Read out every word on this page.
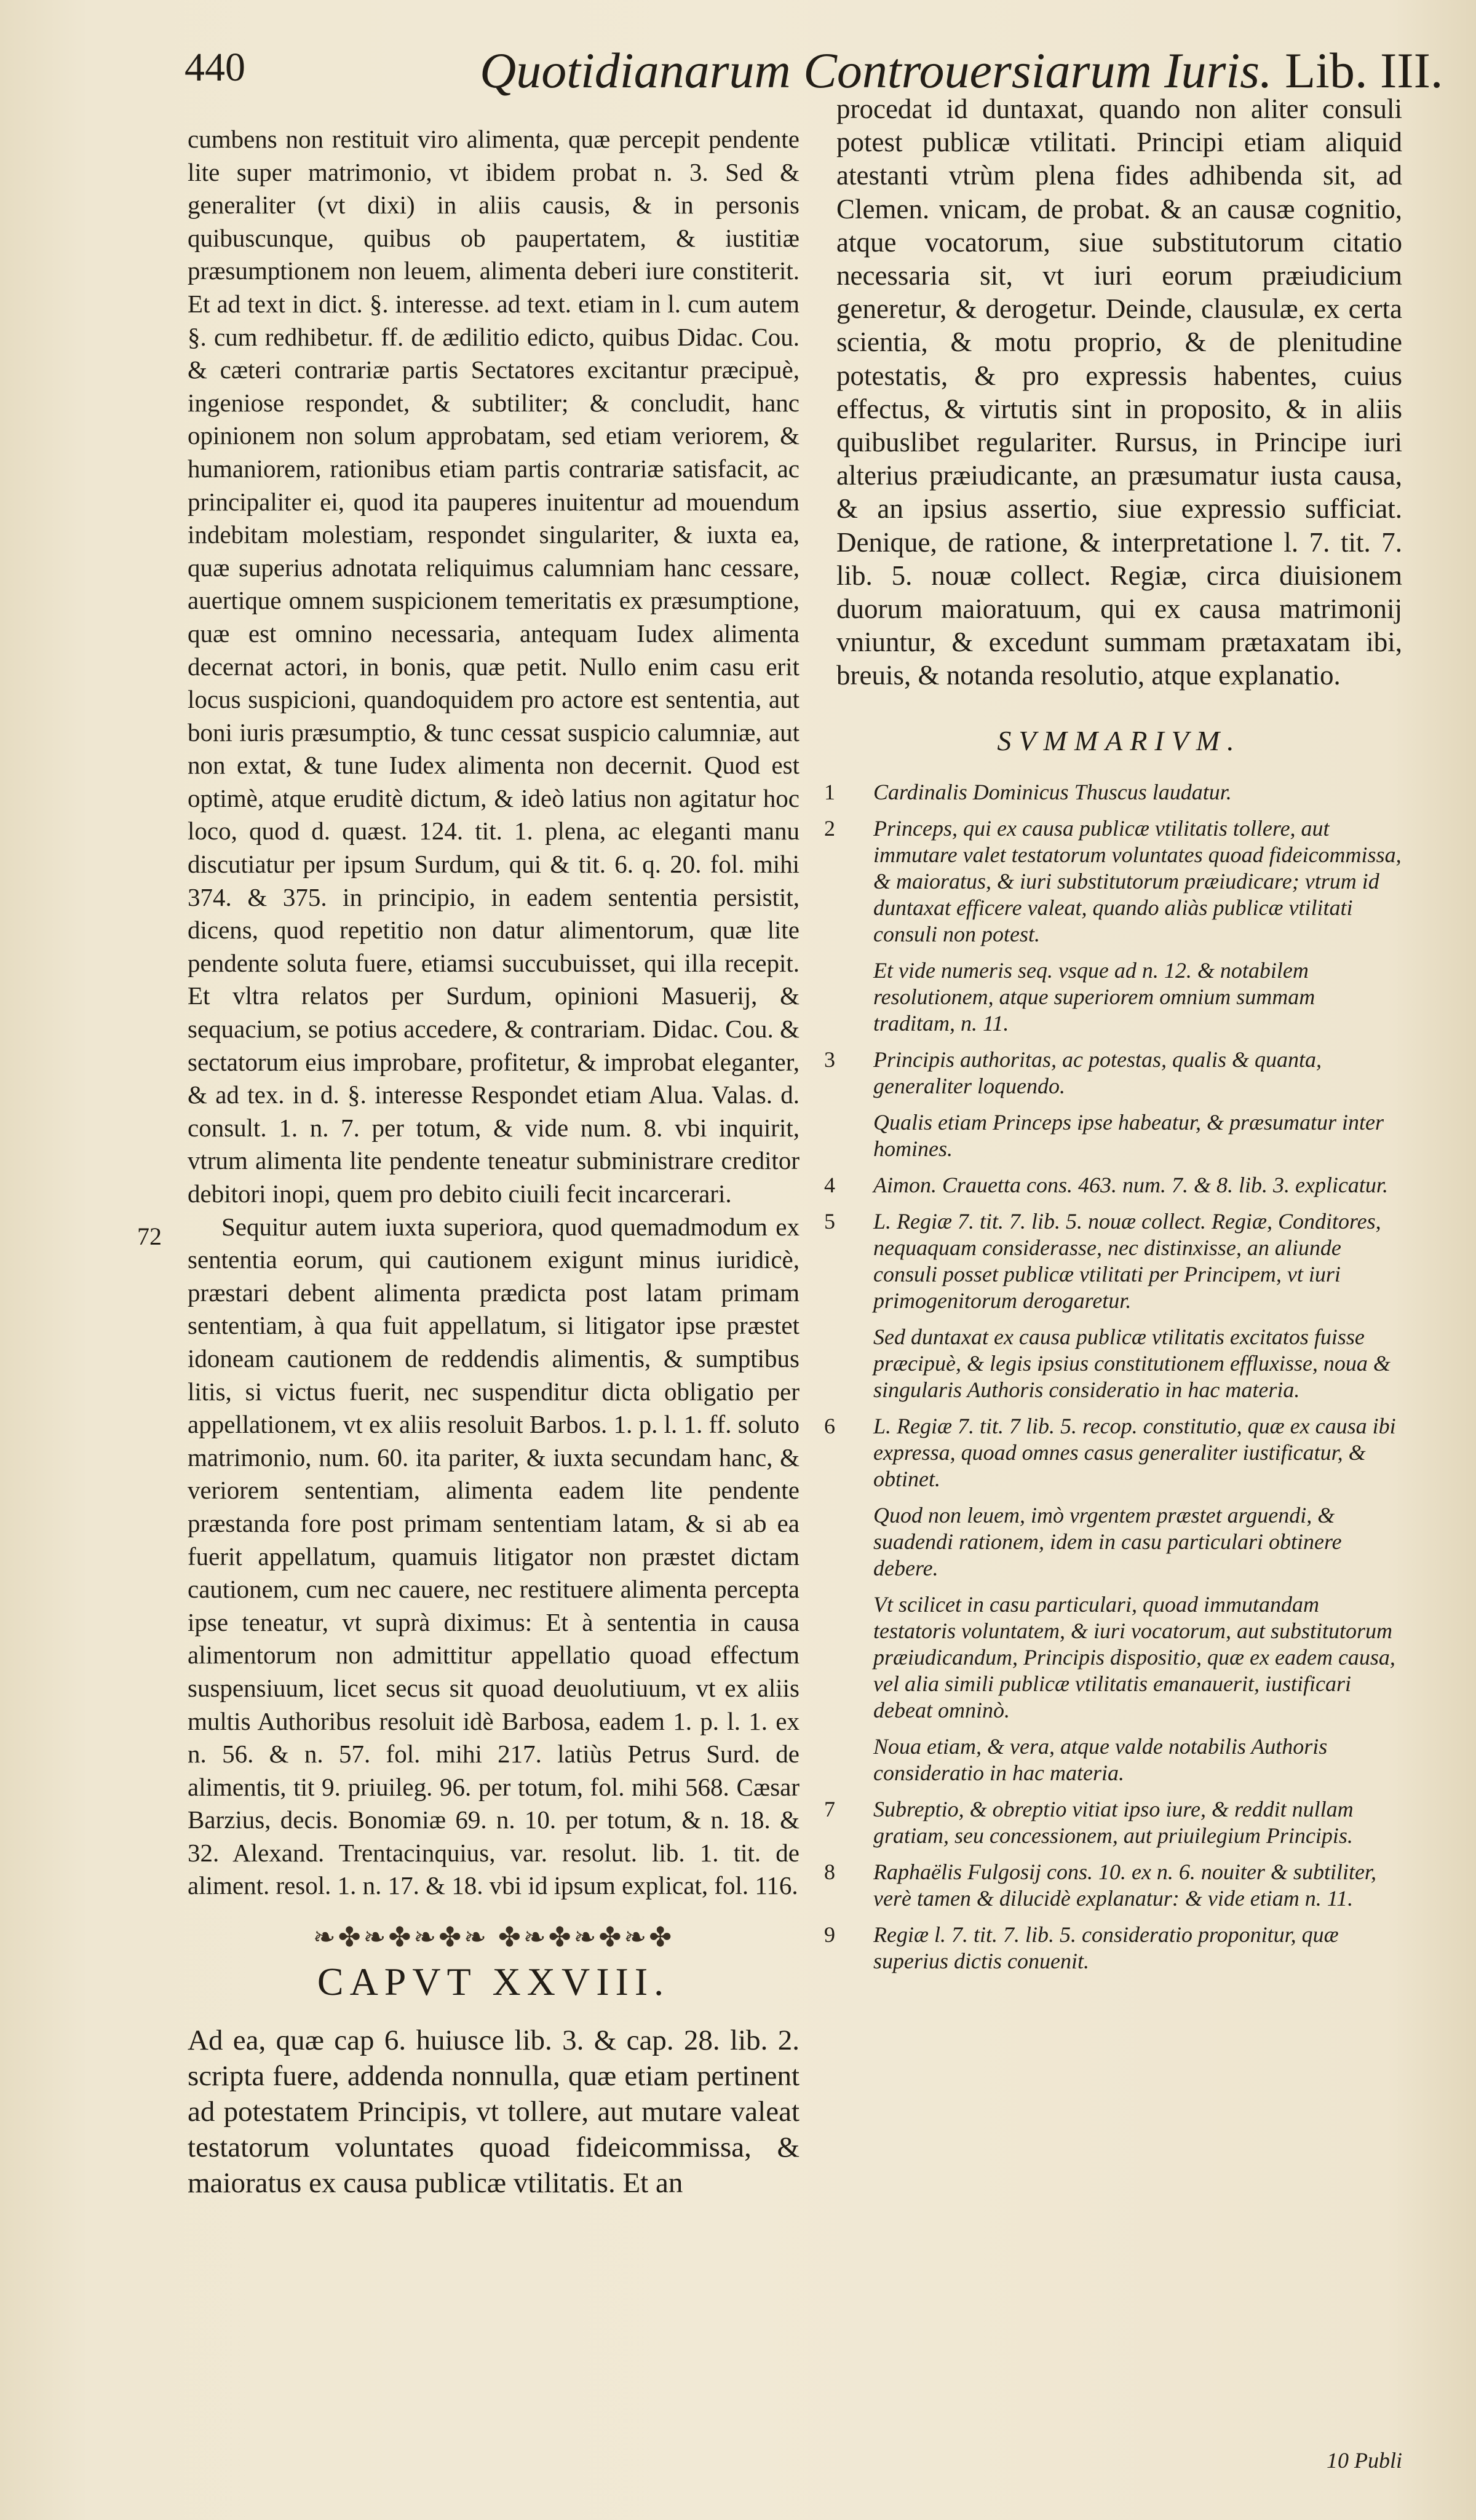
440	Quotidianarum Controuersiarum Iuris. Lib. III.

cumbens non restituit viro alimenta, quæ percepit pendente lite super matrimonio, vt ibidem probat n. 3. Sed & generaliter (vt dixi) in aliis causis, & in personis quibuscunque, quibus ob paupertatem, & iustitiæ præsumptionem non leuem, alimenta deberi iure constiterit. Et ad text in dict. §. interesse. ad text. etiam in l. cum autem §. cum redhibetur. ff. de ædilitio edicto, quibus Didac. Cou. & cæteri contrariæ partis Sectatores excitantur præcipuè, ingeniose respondet, & subtiliter; & concludit, hanc opinionem non solum approbatam, sed etiam veriorem, & humaniorem, rationibus etiam partis contrariæ satisfacit, ac principaliter ei, quod ita pauperes inuitentur ad mouendum indebitam molestiam, respondet singulariter, & iuxta ea, quæ superius adnotata reliquimus calumniam hanc cessare, auertique omnem suspicionem temeritatis ex præsumptione, quæ est omnino necessaria, antequam Iudex alimenta decernat actori, in bonis, quæ petit. Nullo enim casu erit locus suspicioni, quandoquidem pro actore est sententia, aut boni iuris præsumptio, & tunc cessat suspicio calumniæ, aut non extat, & tune Iudex alimenta non decernit. Quod est optimè, atque eruditè dictum, & ideò latius non agitatur hoc loco, quod d. quæst. 124. tit. 1. plena, ac eleganti manu discutiatur per ipsum Surdum, qui & tit. 6. q. 20. fol. mihi 374. & 375. in principio, in eadem sententia persistit, dicens, quod repetitio non datur alimentorum, quæ lite pendente soluta fuere, etiamsi succubuisset, qui illa recepit. Et vltra relatos per Surdum, opinioni Masuerij, & sequacium, se potius accedere, & contrariam. Didac. Cou. & sectatorum eius improbare, profitetur, & improbat eleganter, & ad tex. in d. §. interesse Respondet etiam Alua. Valas. d. consult. 1. n. 7. per totum, & vide num. 8. vbi inquirit, vtrum alimenta lite pendente teneatur subministrare creditor debitori inopi, quem pro debito ciuili fecit incarcerari.

72	Sequitur autem iuxta superiora, quod quemadmodum ex sententia eorum, qui cautionem exigunt minus iuridicè, præstari debent alimenta prædicta post latam primam sententiam, à qua fuit appellatum, si litigator ipse præstet idoneam cautionem de reddendis alimentis, & sumptibus litis, si victus fuerit, nec suspenditur dicta obligatio per appellationem, vt ex aliis resoluit Barbos. 1. p. l. 1. ff. soluto matrimonio, num. 60. ita pariter, & iuxta secundam hanc, & veriorem sententiam, alimenta eadem lite pendente præstanda fore post primam sententiam latam, & si ab ea fuerit appellatum, quamuis litigator non præstet dictam cautionem, cum nec cauere, nec restituere alimenta percepta ipse teneatur, vt suprà diximus: Et à sententia in causa alimentorum non admittitur appellatio quoad effectum suspensiuum, licet secus sit quoad deuolutiuum, vt ex aliis multis Authoribus resoluit idè Barbosa, eadem 1. p. l. 1. ex n. 56. & n. 57. fol. mihi 217. latiùs Petrus Surd. de alimentis, tit 9. priuileg. 96. per totum, fol. mihi 568. Cæsar Barzius, decis. Bonomiæ 69. n. 10. per totum, & n. 18. & 32. Alexand. Trentacinquius, var. resolut. lib. 1. tit. de aliment. resol. 1. n. 17. & 18. vbi id ipsum explicat, fol. 116.

❧✤❧✤❧✤❧ ✤❧✤❧✤❧✤
CAPVT XXVIII.

Ad ea, quæ cap 6. huiusce lib. 3. & cap. 28. lib. 2. scripta fuere, addenda nonnulla, quæ etiam pertinent ad potestatem Principis, vt tollere, aut mutare valeat testatorum voluntates quoad fideicommissa, & maioratus ex causa publicæ vtilitatis. Et an

procedat id duntaxat, quando non aliter consuli potest publicæ vtilitati. Principi etiam aliquid atestanti vtrùm plena fides adhibenda sit, ad Clemen. vnicam, de probat. & an causæ cognitio, atque vocatorum, siue substitutorum citatio necessaria sit, vt iuri eorum præiudicium generetur, & derogetur. Deinde, clausulæ, ex certa scientia, & motu proprio, & de plenitudine potestatis, & pro expressis habentes, cuius effectus, & virtutis sint in proposito, & in aliis quibuslibet regulariter. Rursus, in Principe iuri alterius præiudicante, an præsumatur iusta causa, & an ipsius assertio, siue expressio sufficiat. Denique, de ratione, & interpretatione l. 7. tit. 7. lib. 5. nouæ collect. Regiæ, circa diuisionem duorum maioratuum, qui ex causa matrimonij vniuntur, & excedunt summam prætaxatam ibi, breuis, & notanda resolutio, atque explanatio.

SVMMARIVM.
1	Cardinalis Dominicus Thuscus laudatur.
2	Princeps, qui ex causa publicæ vtilitatis tollere, aut immutare valet testatorum voluntates quoad fideicommissa, & maioratus, & iuri substitutorum præiudicare; vtrum id duntaxat efficere valeat, quando aliàs publicæ vtilitati consuli non potest.
Et vide numeris seq. vsque ad n. 12. & notabilem resolutionem, atque superiorem omnium summam traditam, n. 11.
3	Principis authoritas, ac potestas, qualis & quanta, generaliter loquendo.
Qualis etiam Princeps ipse habeatur, & præsumatur inter homines.
4	Aimon. Crauetta cons. 463. num. 7. & 8. lib. 3. explicatur.
5	L. Regiæ 7. tit. 7. lib. 5. nouæ collect. Regiæ, Conditores, nequaquam considerasse, nec distinxisse, an aliunde consuli posset publicæ vtilitati per Principem, vt iuri primogenitorum derogaretur.
Sed duntaxat ex causa publicæ vtilitatis excitatos fuisse præcipuè, & legis ipsius constitutionem effluxisse, noua & singularis Authoris consideratio in hac materia.
6	L. Regiæ 7. tit. 7 lib. 5. recop. constitutio, quæ ex causa ibi expressa, quoad omnes casus generaliter iustificatur, & obtinet.
Quod non leuem, imò vrgentem præstet arguendi, & suadendi rationem, idem in casu particulari obtinere debere.
Vt scilicet in casu particulari, quoad immutandam testatoris voluntatem, & iuri vocatorum, aut substitutorum præiudicandum, Principis dispositio, quæ ex eadem causa, vel alia simili publicæ vtilitatis emanauerit, iustificari debeat omninò.
Noua etiam, & vera, atque valde notabilis Authoris consideratio in hac materia.
7	Subreptio, & obreptio vitiat ipso iure, & reddit nullam gratiam, seu concessionem, aut priuilegium Principis.
8	Raphaëlis Fulgosij cons. 10. ex n. 6. nouiter & subtiliter, verè tamen & dilucidè explanatur: & vide etiam n. 11.
9	Regiæ l. 7. tit. 7. lib. 5. consideratio proponitur, quæ superius dictis conuenit.
10 Publi
